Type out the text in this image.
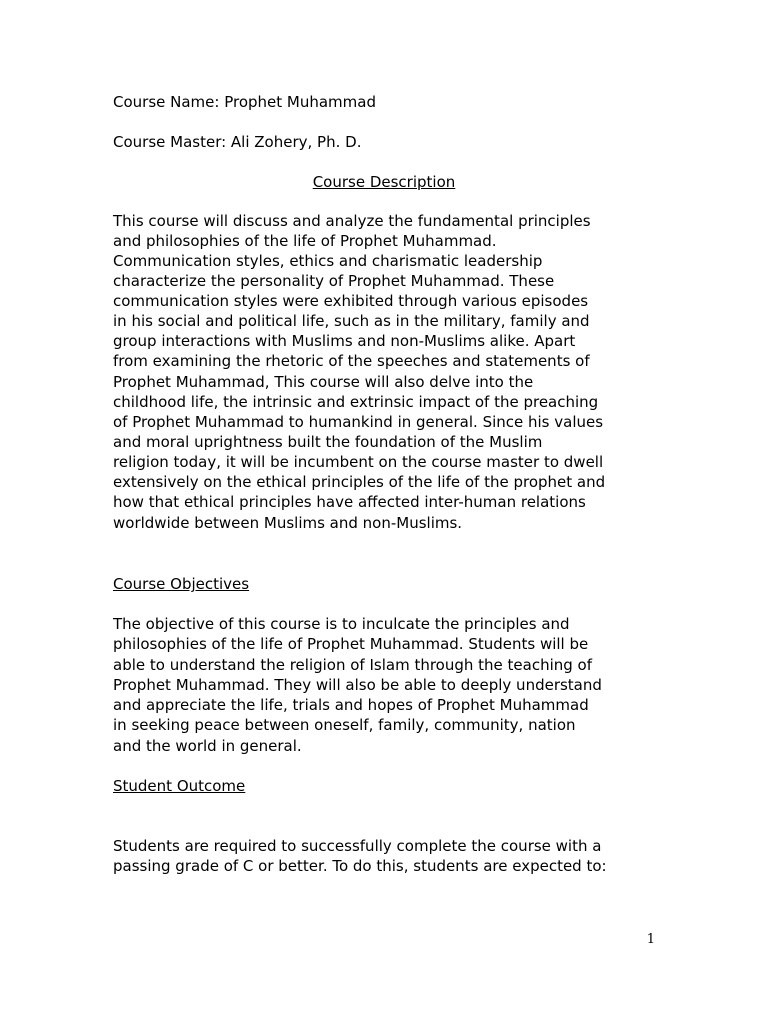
Course Name: Prophet Muhammad

Course Master: Ali Zohery, Ph. D.

Course Description

This course will discuss and analyze the fundamental principles

and philosophies of the life of Prophet Muhammad.

Communication styles, ethics and charismatic leadership

characterize the personality of Prophet Muhammad. These

communication styles were exhibited through various episodes

in his social and political life, such as in the military, family and

group interactions with Muslims and non-Muslims alike. Apart

from examining the rhetoric of the speeches and statements of

Prophet Muhammad, This course will also delve into the

childhood life, the intrinsic and extrinsic impact of the preaching

of Prophet Muhammad to humankind in general. Since his values

and moral uprightness built the foundation of the Muslim

religion today, it will be incumbent on the course master to dwell

extensively on the ethical principles of the life of the prophet and

how that ethical principles have affected inter-human relations

worldwide between Muslims and non-Muslims.

Course Objectives

The objective of this course is to inculcate the principles and

philosophies of the life of Prophet Muhammad. Students will be

able to understand the religion of Islam through the teaching of

Prophet Muhammad. They will also be able to deeply understand

and appreciate the life, trials and hopes of Prophet Muhammad

in seeking peace between oneself, family, community, nation

and the world in general.

Student Outcome

Students are required to successfully complete the course with a

passing grade of C or better. To do this, students are expected to:

1
